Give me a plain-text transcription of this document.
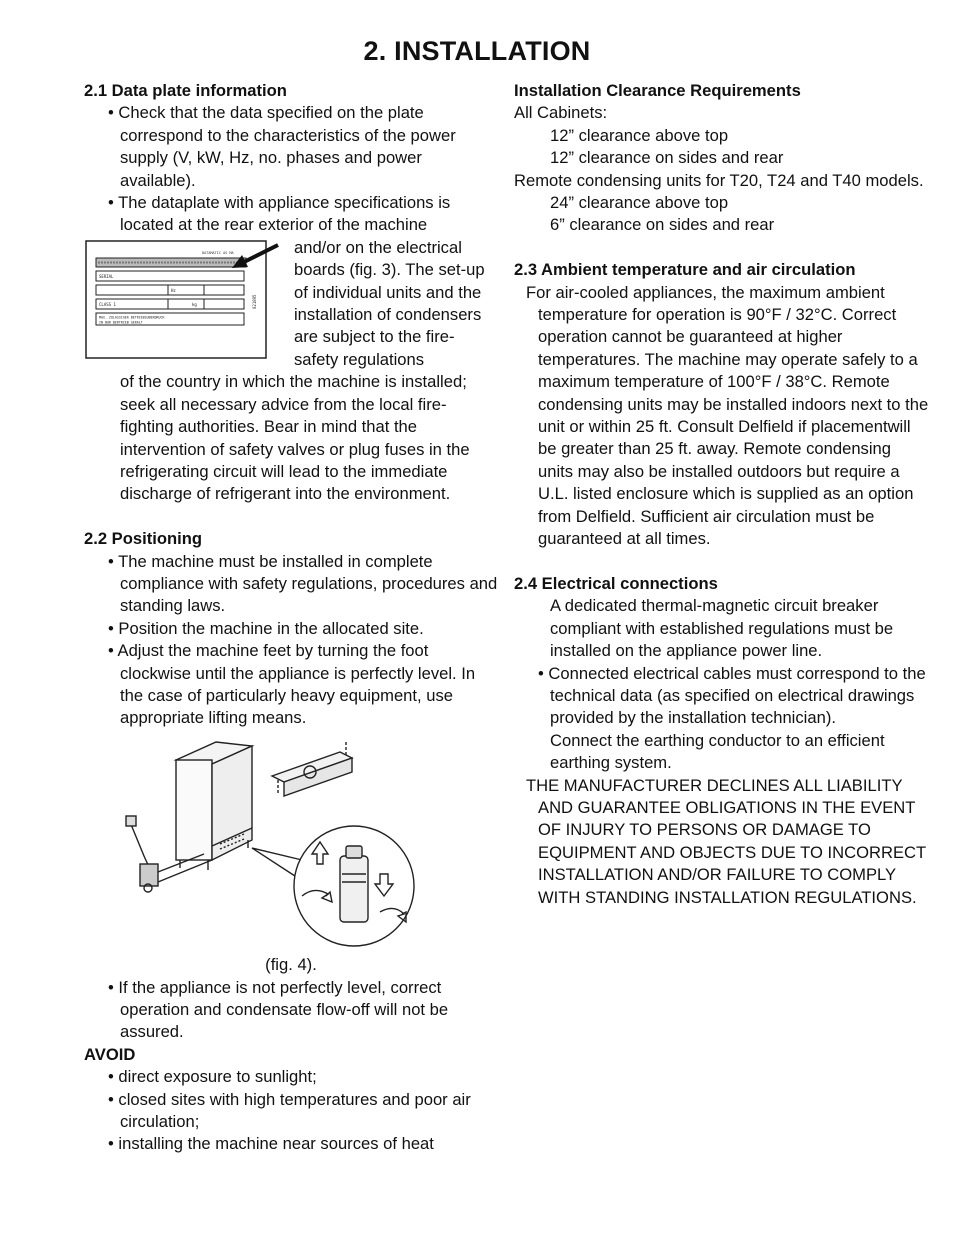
2. INSTALLATION
2.1 Data plate information
• Check that the data specified on the plate correspond to the characteristics of the power supply (V, kW, Hz, no. phases and power available).
• The dataplate with appliance specifications is located at the rear exterior of the machine
DATAMATIC AS MA
SERIAL
Hz
CLASS 1	kg
MAX. ZULASSIGER BETRIEBSUBERDRUCK
IN BAR BERTRIEB GERALT
021895
and/or on the electrical boards (fig. 3). The set-up of individual units and the installation of condensers are subject to the fire-safety regulations
of the country in which the machine is installed; seek all necessary advice from the local fire-fighting authorities. Bear in mind that the intervention of safety valves or plug fuses in the refrigerating circuit will lead to the immediate discharge of refrigerant into the environment.
2.2 Positioning
• The machine must be installed in complete compliance with safety regulations, procedures and standing laws.
• Position the machine in the allocated site.
• Adjust the machine feet by turning the foot clockwise until the appliance is perfectly level. In the case of particularly heavy equipment, use appropriate lifting means.
(fig. 4).
• If the appliance is not perfectly level, correct operation and condensate flow-off will not be assured.
AVOID
• direct exposure to sunlight;
• closed sites with high temperatures and poor air circulation;
• installing the machine near sources of heat
Installation Clearance Requirements
All Cabinets:
12” clearance above top
12” clearance on sides and rear
Remote condensing units for T20, T24 and T40 models.
24” clearance above top
6” clearance on sides and rear
2.3 Ambient temperature and air circulation
For air-cooled appliances, the maximum ambient temperature for operation is 90°F / 32°C. Correct operation cannot be guaranteed at higher temperatures. The machine may operate safely to a maximum temperature of 100°F / 38°C. Remote condensing units may be installed indoors next to the unit or within 25 ft. Consult Delfield if placementwill be greater than 25 ft. away. Remote condensing units may also be installed outdoors but require a U.L. listed enclosure which is supplied as an option from Delfield. Sufficient air circulation must be guaranteed at all times.
2.4 Electrical connections
A dedicated thermal-magnetic circuit breaker compliant with established regulations must be installed on the appliance power line.
• Connected electrical cables must correspond to the technical data (as specified on electrical drawings provided by the installation technician).
Connect the earthing conductor to an efficient earthing system.
THE MANUFACTURER DECLINES ALL LIABILITY AND GUARANTEE OBLIGATIONS IN THE EVENT OF INJURY TO PERSONS OR DAMAGE TO EQUIPMENT AND OBJECTS DUE TO INCORRECT INSTALLATION AND/OR FAILURE TO COMPLY WITH STANDING INSTALLATION REGULATIONS.
